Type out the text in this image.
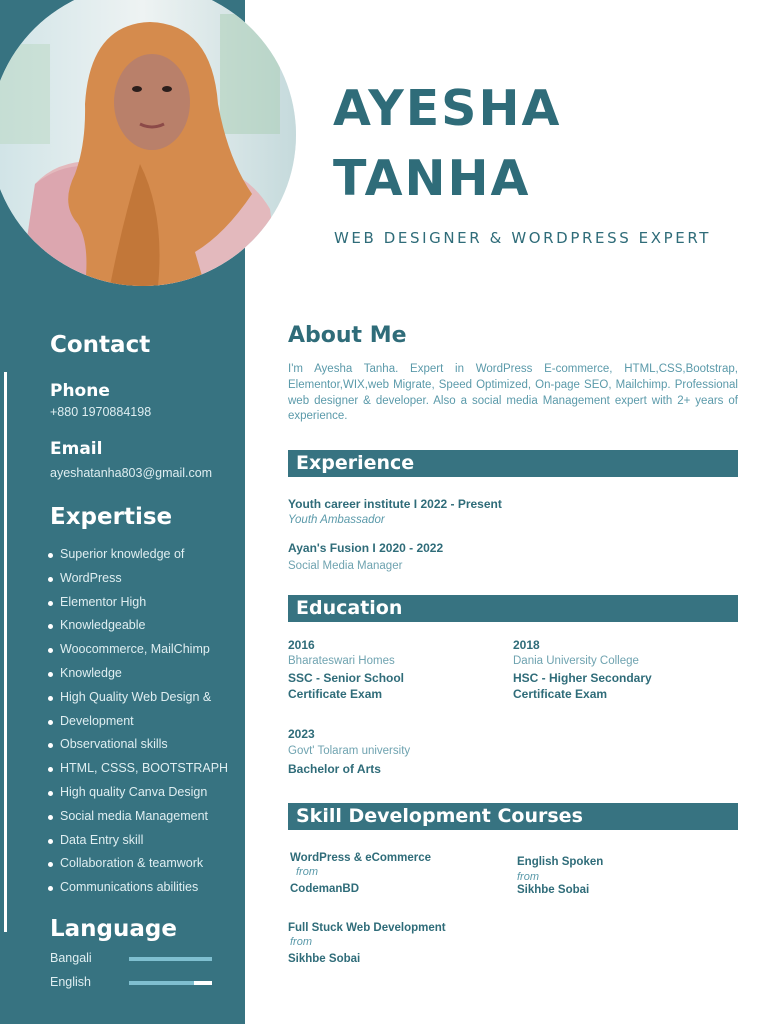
AYESHA
TANHA
WEB DESIGNER & WORDPRESS EXPERT
Contact
Phone
+880 1970884198
Email
ayeshatanha803@gmail.com
Expertise
Superior knowledge of
WordPress
Elementor High
Knowledgeable
Woocommerce, MailChimp
Knowledge
High Quality Web Design &
Development
Observational skills
HTML, CSSS, BOOTSTRAPH
High quality Canva Design
Social media Management
Data Entry skill
Collaboration & teamwork
Communications abilities
Language
Bangali
English
About Me
I'm Ayesha Tanha. Expert in WordPress E-commerce, HTML,CSS,Bootstrap, Elementor,WIX,web Migrate, Speed Optimized, On-page SEO, Mailchimp. Professional web designer & developer. Also a social media Management expert with 2+ years of experience.
Experience
Youth career institute I 2022 - Present
Youth Ambassador
Ayan's Fusion I 2020 - 2022
Social Media Manager
Education
2016
Bharateswari Homes
SSC - Senior School
Certificate Exam
2018
Dania University College
HSC - Higher Secondary
Certificate Exam
2023
Govt' Tolaram university
Bachelor of Arts
Skill Development Courses
WordPress & eCommerce
from
CodemanBD
English Spoken
from
Sikhbe Sobai
Full Stuck Web Development
from
Sikhbe Sobai
